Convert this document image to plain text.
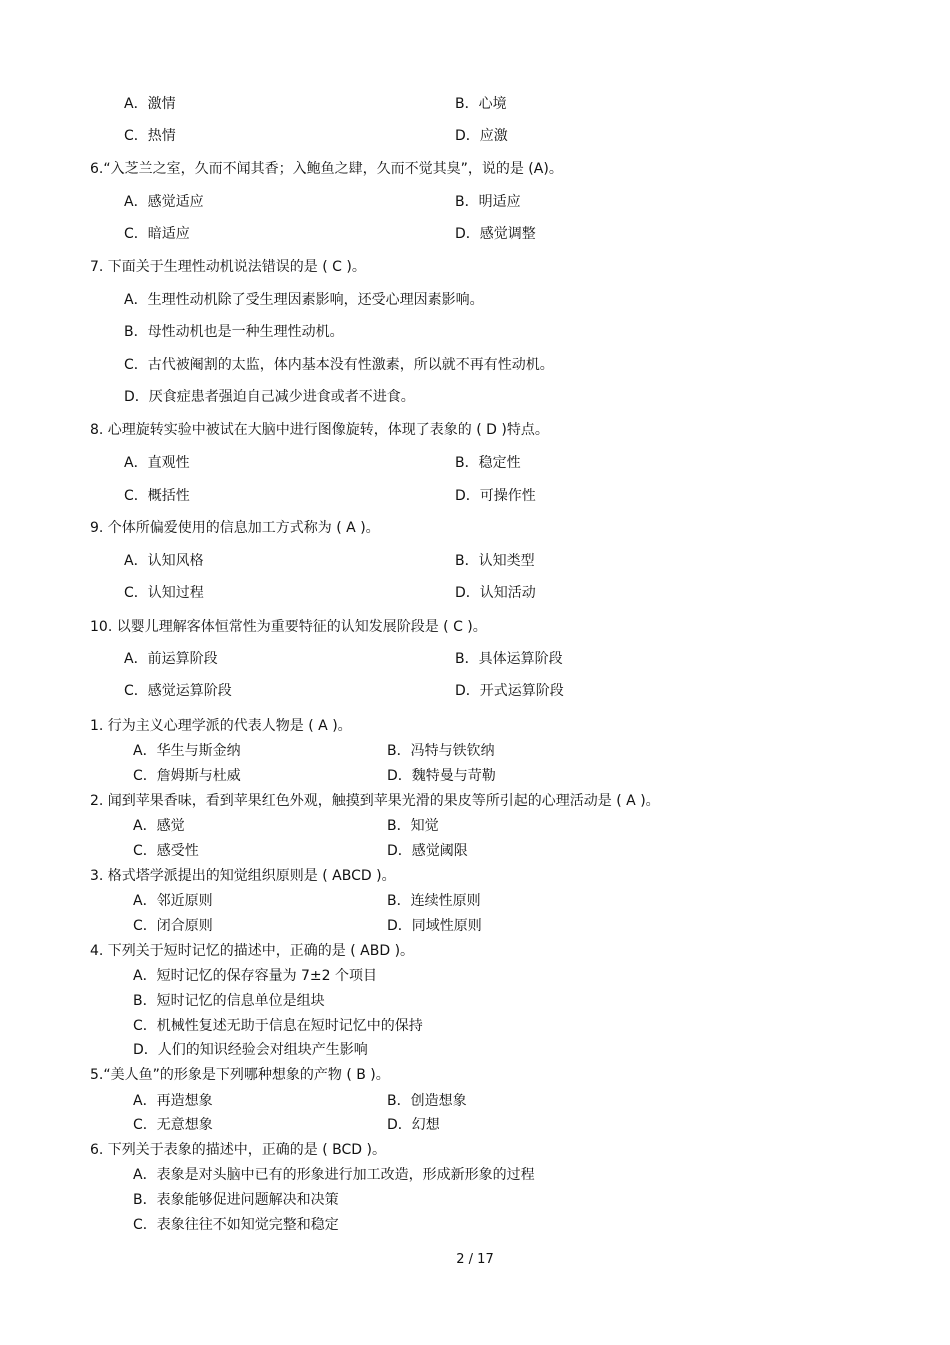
A．激情	B．心境
C．热情	D．应激
6.“入芝兰之室，久而不闻其香；入鲍鱼之肆，久而不觉其臭”，说的是 (A)。
A．感觉适应	B．明适应
C．暗适应	D．感觉调整
7. 下面关于生理性动机说法错误的是 ( C )。
A．生理性动机除了受生理因素影响，还受心理因素影响。
B．母性动机也是一种生理性动机。
C．古代被阉割的太监，体内基本没有性激素，所以就不再有性动机。
D．厌食症患者强迫自己减少进食或者不进食。
8. 心理旋转实验中被试在大脑中进行图像旋转，体现了表象的 ( D )特点。
A．直观性	B．稳定性
C．概括性	D．可操作性
9. 个体所偏爱使用的信息加工方式称为 ( A )。
A．认知风格	B．认知类型
C．认知过程	D．认知活动
10. 以婴儿理解客体恒常性为重要特征的认知发展阶段是 ( C )。
A．前运算阶段	B．具体运算阶段
C．感觉运算阶段	D．开式运算阶段
1. 行为主义心理学派的代表人物是 ( A )。
A．华生与斯金纳	B．冯特与铁钦纳
C．詹姆斯与杜威	D．魏特曼与苛勒
2. 闻到苹果香味，看到苹果红色外观，触摸到苹果光滑的果皮等所引起的心理活动是 ( A )。
A．感觉	B．知觉
C．感受性	D．感觉阈限
3. 格式塔学派提出的知觉组织原则是 ( ABCD )。
A．邻近原则	B．连续性原则
C．闭合原则	D．同域性原则
4. 下列关于短时记忆的描述中，正确的是 ( ABD )。
A．短时记忆的保存容量为 7±2 个项目
B．短时记忆的信息单位是组块
C．机械性复述无助于信息在短时记忆中的保持
D．人们的知识经验会对组块产生影响
5.“美人鱼”的形象是下列哪种想象的产物 ( B )。
A．再造想象	B．创造想象
C．无意想象	D．幻想
6. 下列关于表象的描述中，正确的是 ( BCD )。
A．表象是对头脑中已有的形象进行加工改造，形成新形象的过程
B．表象能够促进问题解决和决策
C．表象往往不如知觉完整和稳定
2 / 17
